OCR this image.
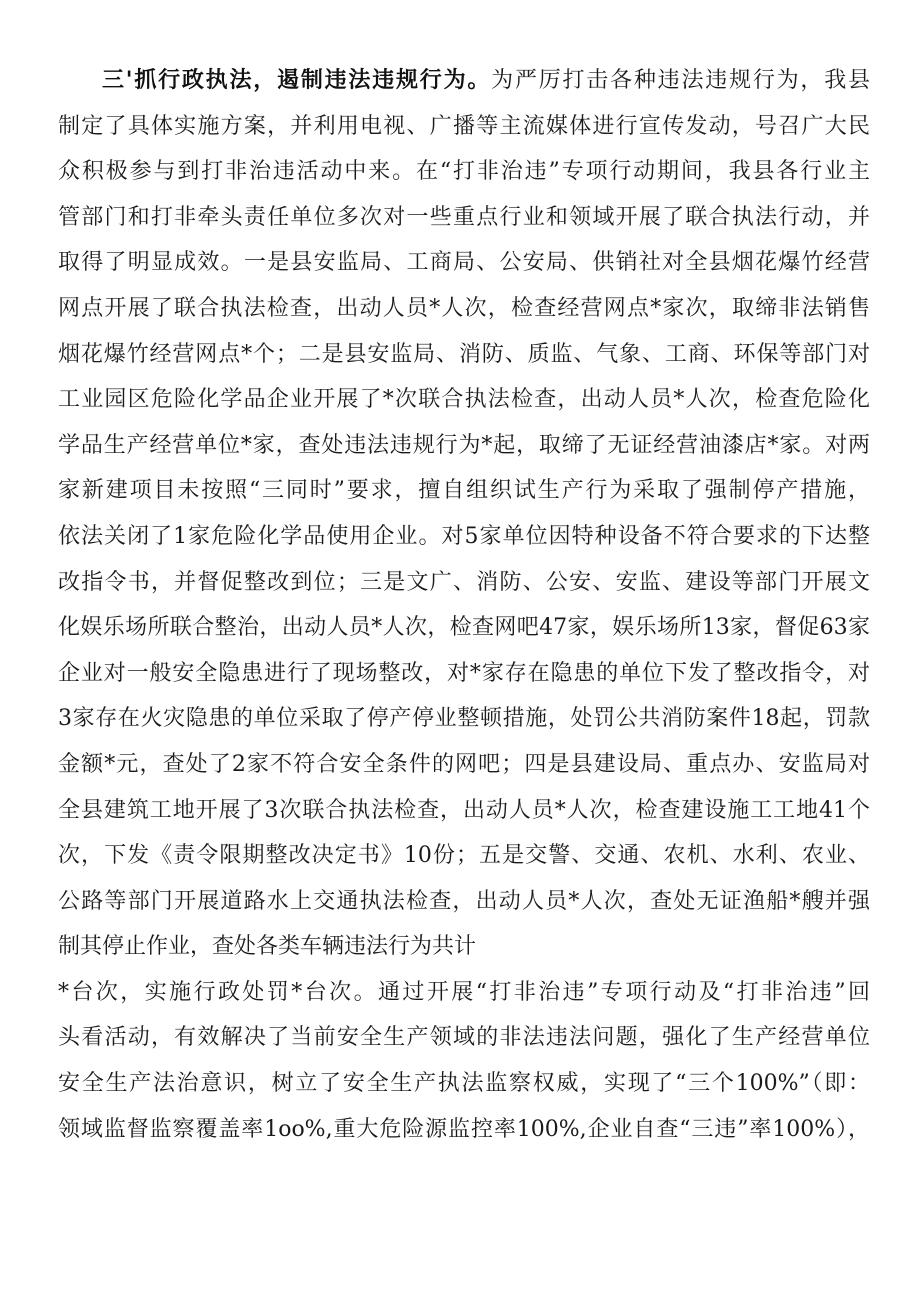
三'抓行政执法，遏制违法违规行为。为严厉打击各种违法违规行为，我县
制定了具体实施方案，并利用电视、广播等主流媒体进行宣传发动，号召广大民
众积极参与到打非治违活动中来。在“打非治违”专项行动期间，我县各行业主
管部门和打非牵头责任单位多次对一些重点行业和领域开展了联合执法行动，并
取得了明显成效。一是县安监局、工商局、公安局、供销社对全县烟花爆竹经营
网点开展了联合执法检查，出动人员*人次，检查经营网点*家次，取缔非法销售
烟花爆竹经营网点*个；二是县安监局、消防、质监、气象、工商、环保等部门对
工业园区危险化学品企业开展了*次联合执法检查，出动人员*人次，检查危险化
学品生产经营单位*家，查处违法违规行为*起，取缔了无证经营油漆店*家。对两
家新建项目未按照“三同时”要求，擅自组织试生产行为采取了强制停产措施，
依法关闭了1家危险化学品使用企业。对5家单位因特种设备不符合要求的下达整
改指令书，并督促整改到位；三是文广、消防、公安、安监、建设等部门开展文
化娱乐场所联合整治，出动人员*人次，检查网吧47家，娱乐场所13家，督促63家
企业对一般安全隐患进行了现场整改，对*家存在隐患的单位下发了整改指令，对
3家存在火灾隐患的单位采取了停产停业整顿措施，处罚公共消防案件18起，罚款
金额*元，查处了2家不符合安全条件的网吧；四是县建设局、重点办、安监局对
全县建筑工地开展了3次联合执法检查，出动人员*人次，检查建设施工工地41个
次，下发《责令限期整改决定书》10份；五是交警、交通、农机、水利、农业、
公路等部门开展道路水上交通执法检查，出动人员*人次，查处无证渔船*艘并强
制其停止作业，查处各类车辆违法行为共计
*台次，实施行政处罚*台次。通过开展“打非治违”专项行动及“打非治违”回
头看活动，有效解决了当前安全生产领域的非法违法问题，强化了生产经营单位
安全生产法治意识，树立了安全生产执法监察权威，实现了“三个100%”（即：
领域监督监察覆盖率1oo%,重大危险源监控率100%,企业自查“三违”率100%），
